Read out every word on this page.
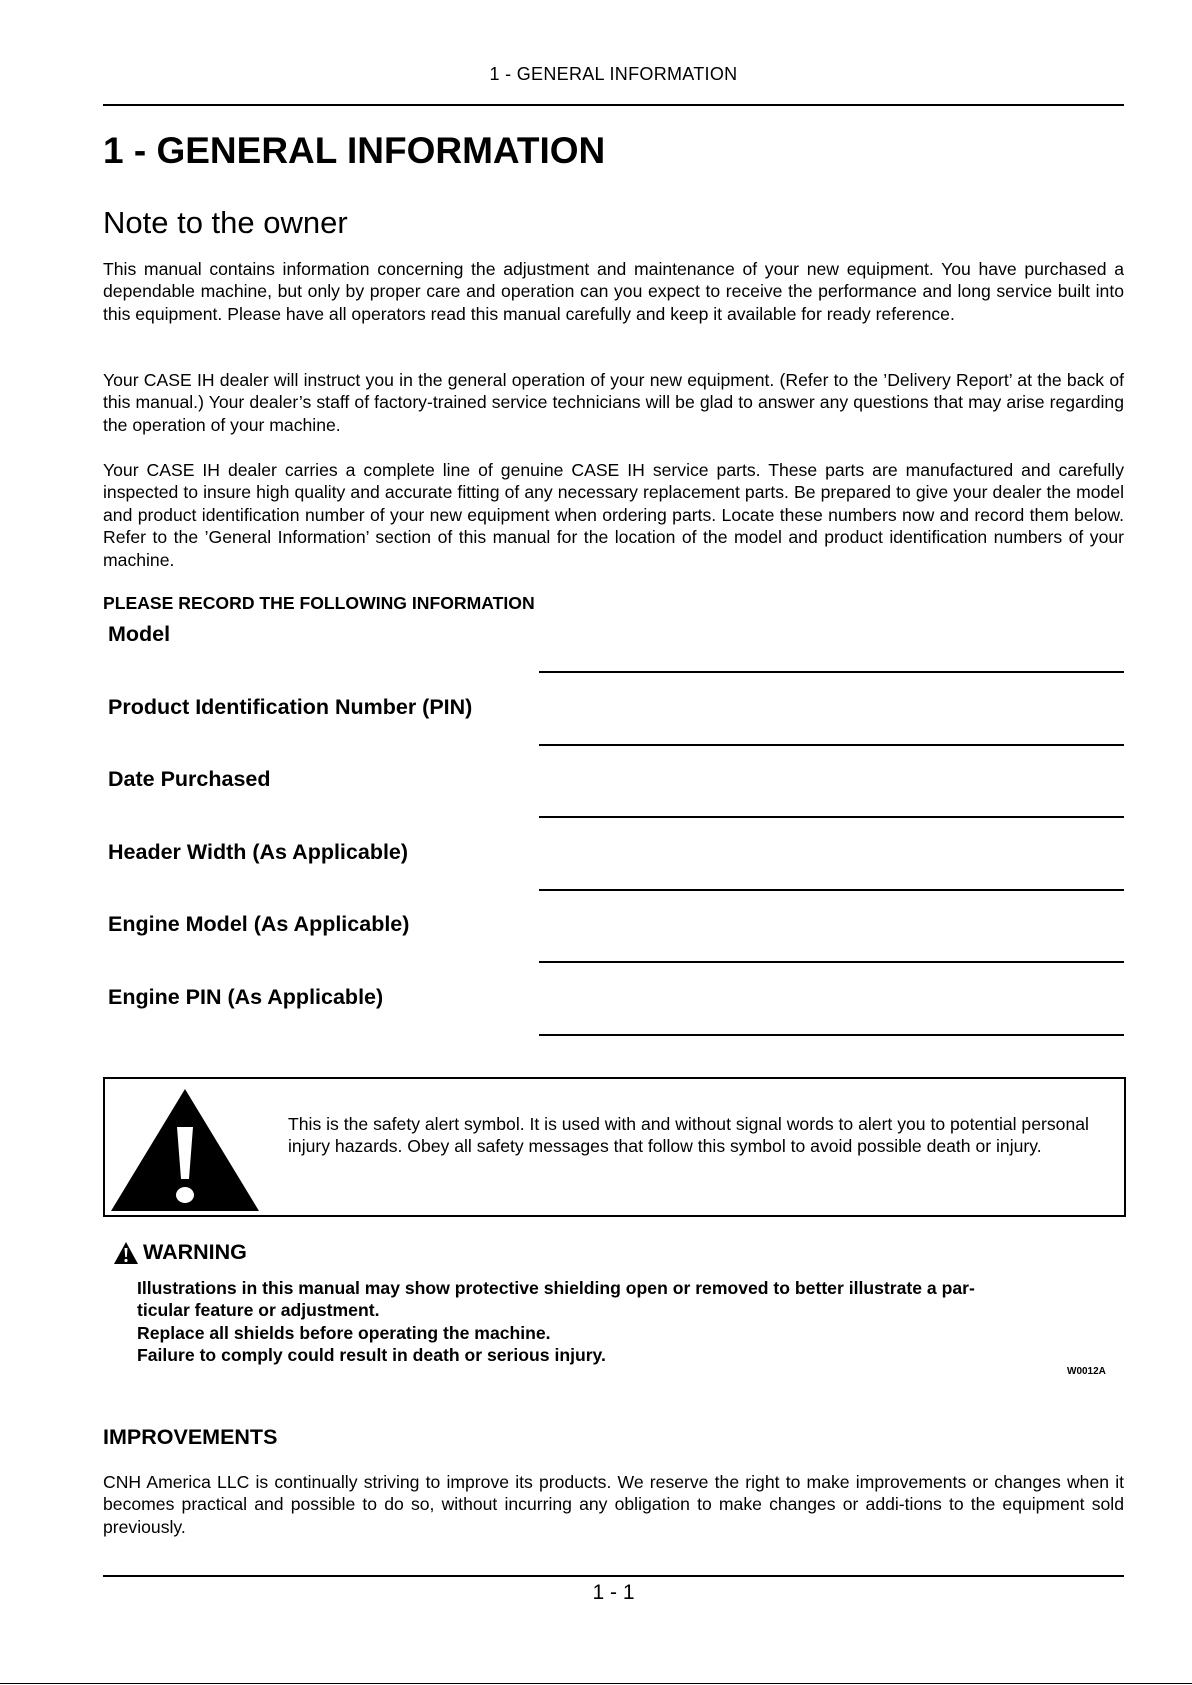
1 - GENERAL INFORMATION
1 - GENERAL INFORMATION
Note to the owner

This manual contains information concerning the adjustment and maintenance of your new equipment. You have purchased a dependable machine, but only by proper care and operation can you expect to receive the performance and long service built into this equipment. Please have all operators read this manual carefully and keep it available for ready reference.

Your CASE IH dealer will instruct you in the general operation of your new equipment. (Refer to the ’Delivery Report’ at the back of this manual.) Your dealer’s staff of factory-trained service technicians will be glad to answer any questions that may arise regarding the operation of your machine.

Your CASE IH dealer carries a complete line of genuine CASE IH service parts. These parts are manufactured and carefully inspected to insure high quality and accurate fitting of any necessary replacement parts. Be prepared to give your dealer the model and product identification number of your new equipment when ordering parts. Locate these numbers now and record them below. Refer to the ’General Information’ section of this manual for the location of the model and product identification numbers of your machine.

PLEASE RECORD THE FOLLOWING INFORMATION

Model
Product Identification Number (PIN)
Date Purchased
Header Width (As Applicable)
Engine Model (As Applicable)
Engine PIN (As Applicable)

This is the safety alert symbol. It is used with and without signal words to alert you to potential personal injury hazards. Obey all safety messages that follow this symbol to avoid possible death or injury.

WARNING
Illustrations in this manual may show protective shielding open or removed to better illustrate a par-
ticular feature or adjustment.
Replace all shields before operating the machine.
Failure to comply could result in death or serious injury.
W0012A
IMPROVEMENTS

CNH America LLC is continually striving to improve its products. We reserve the right to make improvements or changes when it becomes practical and possible to do so, without incurring any obligation to make changes or addi-tions to the equipment sold previously.

1 - 1
